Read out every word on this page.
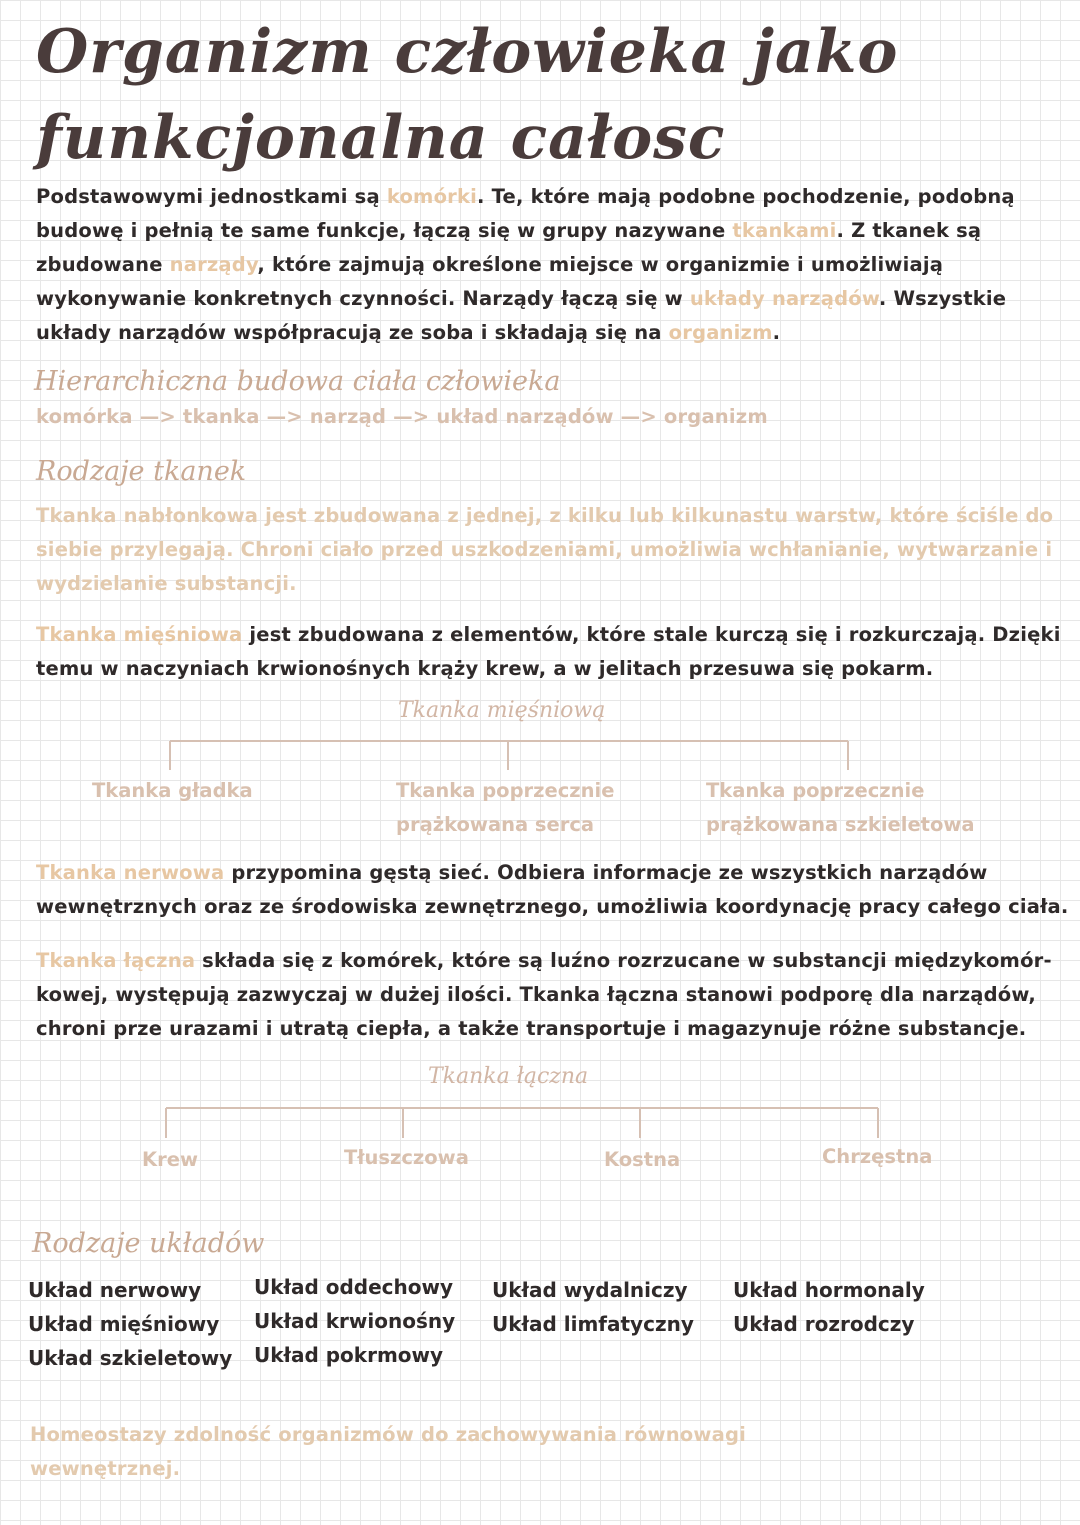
Organizm człowieka jako
funkcjonalna całosc
Podstawowymi jednostkami są komórki. Te, które mają podobne pochodzenie, podobną budowę i pełnią te same funkcje, łączą się w grupy nazywane tkankami. Z tkanek są zbudowane narządy, które zajmują określone miejsce w organizmie i umożliwiają wykonywanie konkretnych czynności. Narządy łączą się w układy narządów. Wszystkie układy narządów współpracują ze soba i składają się na organizm.
Hierarchiczna budowa ciała człowieka
komórka —> tkanka —> narząd —> układ narządów —> organizm
Rodzaje tkanek
Tkanka nabłonkowa jest zbudowana z jednej, z kilku lub kilkunastu warstw, które ściśle do siebie przylegają. Chroni ciało przed uszkodzeniami, umożliwia wchłanianie, wytwarzanie i wydzielanie substancji.
Tkanka mięśniowa jest zbudowana z elementów, które stale kurczą się i rozkurczają. Dzięki temu w naczyniach krwionośnych krąży krew, a w jelitach przesuwa się pokarm.
Tkanka mięśniową
Tkanka gładka	Tkanka poprzecznie prążkowana serca
Tkanka poprzecznie prążkowana szkieletowa
Tkanka nerwowa przypomina gęstą sieć. Odbiera informacje ze wszystkich narządów wewnętrznych oraz ze środowiska zewnętrznego, umożliwia koordynację pracy całego ciała.
Tkanka łączna składa się z komórek, które są luźno rozrzucane w substancji międzykomór- kowej, występują zazwyczaj w dużej ilości. Tkanka łączna stanowi podporę dla narządów, chroni prze urazami i utratą ciepła, a także transportuje i magazynuje różne substancje.
Tkanka łączna
Krew	Tłuszczowa	Kostna	Chrzęstna
Rodzaje układów
Układ nerwowy
Układ mięśniowy
Układ szkieletowy
Układ oddechowy
Układ krwionośny
Układ pokrmowy
Układ wydalniczy
Układ limfatyczny
Układ hormonaly
Układ rozrodczy
Homeostazy zdolność organizmów do zachowywania równowagi wewnętrznej.
